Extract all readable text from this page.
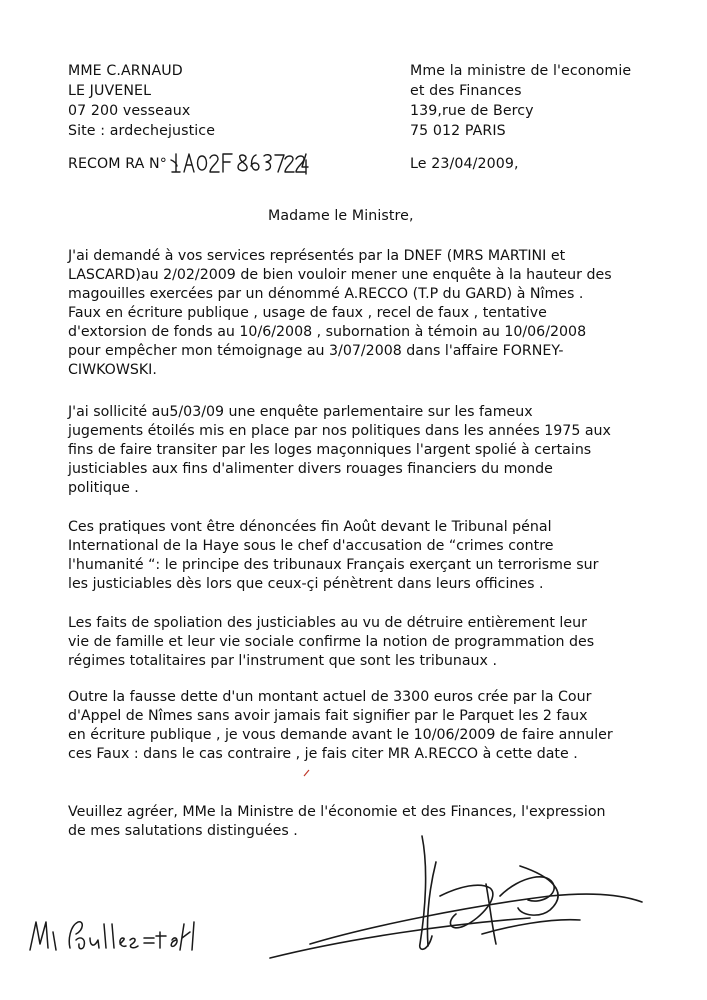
MME C.ARNAUD
LE JUVENEL
07 200 vesseaux
Site : ardechejustice
RECOM RA N°
Mme la ministre de l'economie
et des Finances
139,rue de Bercy
75 012 PARIS
Le 23/04/2009,
Madame le Ministre,
J'ai demandé à vos services représentés par la DNEF (MRS MARTINI et
LASCARD)au 2/02/2009 de bien vouloir mener une enquête à la hauteur des
magouilles exercées par un dénommé A.RECCO (T.P du GARD) à Nîmes .
Faux en écriture publique , usage de faux , recel de faux , tentative
d'extorsion de fonds au 10/6/2008 , subornation à témoin au 10/06/2008
pour empêcher mon témoignage au 3/07/2008 dans l'affaire FORNEY-
CIWKOWSKI.
J'ai sollicité au5/03/09 une enquête parlementaire sur les fameux
jugements étoilés mis en place par nos politiques dans les années 1975 aux
fins de faire transiter par les loges maçonniques l'argent spolié à certains
justiciables aux fins d'alimenter divers rouages financiers du monde
politique .
Ces pratiques vont être dénoncées fin Août devant le Tribunal pénal
International de la Haye sous le chef d'accusation de “crimes contre
l'humanité “: le principe des tribunaux Français exerçant un terrorisme sur
les justiciables dès lors que ceux-çi pénètrent dans leurs officines .
Les faits de spoliation des justiciables au vu de détruire entièrement leur
vie de famille et leur vie sociale confirme la notion de programmation des
régimes totalitaires par l'instrument que sont les tribunaux .
Outre la fausse dette d'un montant actuel de 3300 euros crée par la Cour
d'Appel de Nîmes sans avoir jamais fait signifier par le Parquet les 2 faux
en écriture publique , je vous demande avant le 10/06/2009 de faire annuler
ces Faux : dans le cas contraire , je fais citer MR A.RECCO à cette date .
Veuillez agréer, MMe la Ministre de l'économie et des Finances, l'expression
de mes salutations distinguées .
